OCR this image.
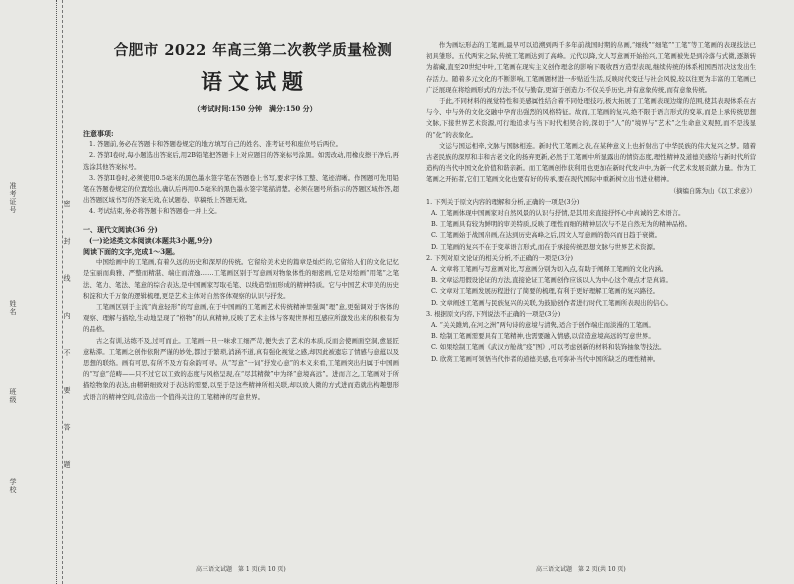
学校
班级
姓名
准考证号
密 封 线 内 不 要 答 题
合肥市 2022 年高三第二次教学质量检测
语文试题
（考试时间:150 分钟　满分:150 分）

注意事项:

1. 答题前,务必在答题卡和答题卷规定的地方填写自己的姓名、准考证号和座位号后两位。

2. 答第I卷时,每小题选出答案后,用2B铅笔把答题卡上对应题目的答案标号涂黑。如需改动,用橡皮擦干净后,再选涂其他答案标号。

3. 答第II卷时,必须使用0.5毫米的黑色墨水签字笔在答题卷上书写,要求字体工整、笔迹清晰。作图题可先用铅笔在答题卷规定的位置绘出,确认后再用0.5毫米的黑色墨水签字笔描清楚。必须在题号所指示的答题区域作答,超出答题区域书写的答案无效,在试题卷、草稿纸上答题无效。

4. 考试结束,务必将答题卡和答题卷一并上交。

一、现代文阅读(36 分)

(一)论述类文本阅读(本题共3小题,9分)

阅读下面的文字,完成1～3题。

中国绘画中的工笔画,有着久远的历史和深厚的传统。它留给美术史的篇章是灿烂的,它留给人们的文化记忆是宝丽而典雅、严整而精湛、端庄而清逸……工笔画区别于写意画对物象体性的细密画,它是对绘画“用笔”之笔法、笔力、笔法、笔意的综合表达,是中国画家写取毛笔、以线造型而形成的精神特质。它与中国艺术审美的历史积淀和大千万象的逻辑梳理,更是艺术主体对自然客体观察的认识与抒发。

工笔画区别于主流“尚意轻形”的写意画,在于中国画的工笔画艺术传统精神里强调“理”意,更强调对于客体的观察、理解与描绘,生动地呈现了“格物”的认真精神,反映了艺术主体与客观世界相互感应所激发出来的积极有为的品格。

古之有训,达练不及,过可而止。工笔画一旦一味求工细严苛,便失去了艺术的本质,反而会使画面空洞,愈显匠意粘滞。工笔画之创作依附严谨的妙处,都过于繁琐,消涵不道,真有强化视觉之感,却因此被遗忘了情感与意蕴以及思想的联络。画有可思,有所不及方有余韵可寻。从“写意”一词“抒发心意”的本义来看,工笔画突出归属于中国画的“写意”范畴——只不过它以工致的态度与风格呈现,在“尽其精微”中为绎“意境高远”。进而言之,工笔画对于所描绘物象的表达,由精研细致对于表达的需要,以至于是这些精神所相关联,却以致人微的方式进而造就出构趣想形式语言的精神空间,营造出一个值得关注的工笔精神的写意世界。

作为画坛形态的工笔画,最早可以追溯到两千多年前战国时期的帛画,“细线”“细笔”“工笔”等工笔画的表现技法已初具雏形。五代两宋之际,传统工笔画达到了高峰。元代以降,文人写意画开始抬兴,工笔画被先是到冷落与式微,逐渐转为蓄藏,直至20世纪中叶,工笔画在现实主义创作理念的影响下吸收西方造型表现,继续传统的体系相国西吊决这发出生存活力。随着多元文化的不断影响,工笔画题材进一步贴近生活,反映时代变迁与社会风貌,较以往更为丰富的工笔画已广泛展现在将绘画形式的方法;不仅与勤奋,更富于创造力:不仅关乎历史,并有意象传统,而有意象传统。

于此,不同材料的视觉特性和美感属性结合着不同处理技巧,极大拓展了工笔画表现边缘的范围,使其表现体系在古与今、中与外的文化交融中孕育出强烈的风格特征。故而,工笔画的复兴,绝不限于语言形式的变革,而是上承传统思想文脉,下接世界艺术资源,可行地追求与当下时代相契合的,深切于“人”的“境界与”艺术”之生命意义观照,而不是浅显的“化”的表象化。

文运与国运相牵,文脉与国脉相连。新时代工笔画之表,在某种意义上也折射出了中华民族的伟大复兴之梦。随着古老民族的深厚和丰和古老文化的扬弃更新,必然于工笔画中所显露出的情资态度,理性精神及道德美感给与新时代所营造构的当代中国文化价值和谐亲新。而工笔画创作获利用也更加在新时代发声中,为新一代艺术发展贡献力量。作为工笔画之开拓者,它们工笔画文化也要有好的传承,要在现代国际中重新树立出书进业精神。

（摘编自陈为山《以工求意》）

1. 下列关于原文内容的理解和分析,正确的一项是(3分)

A. 工笔画体现中国画家对自然风景的认识与抒情,是其用来直接抒怀心中真诚的艺术语言。

B. 工笔画具有较为鲜明的审美特质,反映了理性而细的精神层次与不足自然无为的精神品格。

C. 工笔画始于战国帛画,在达到历史高峰之后,因文人写意画的勃兴而日趋于衰微。

D. 工笔画的复兴不在于变革语言形式,而在于承接传统思想文脉与世界艺术资源。

2. 下列对原文论证的相关分析,不正确的一项是(3分)

A. 文章将工笔画与写意画对比,写意画分别为切入点,有助于阐释工笔画的文化内涵。

B. 文章运用假设论证的方法,直接论证工笔画创作应该以人为中心这个观点才是真谛。

C. 文章对工笔画发展历程进行了简要的梳理,有利于更好理解工笔画的复兴路径。

D. 文章阐述工笔画与民族复兴的关联,为鼓励创作者进行时代工笔画所表现出的信心。

3. 根据原文内容,下列说法不正确的一项是(3分)

A. “关关雎鸠,在河之洲”两句诗的意境与清隽,适合于创作端庄而淡漫的工笔画。

B. 绘制工笔画需要具有工笔精神,也需要融入情感,以营造意境高远的写意世界。

C. 如果绘制工笔画《武汉方舱战“疫”图》,可以考虑创新的材料和装饰抽象等技法。

D. 欣赏工笔画可领悟当代作者的道德美感,也可弥补当代中国所缺乏的理性精神。

高三语文试题　第 1 页(共 10 页)	高三语文试题　第 2 页(共 10 页)
